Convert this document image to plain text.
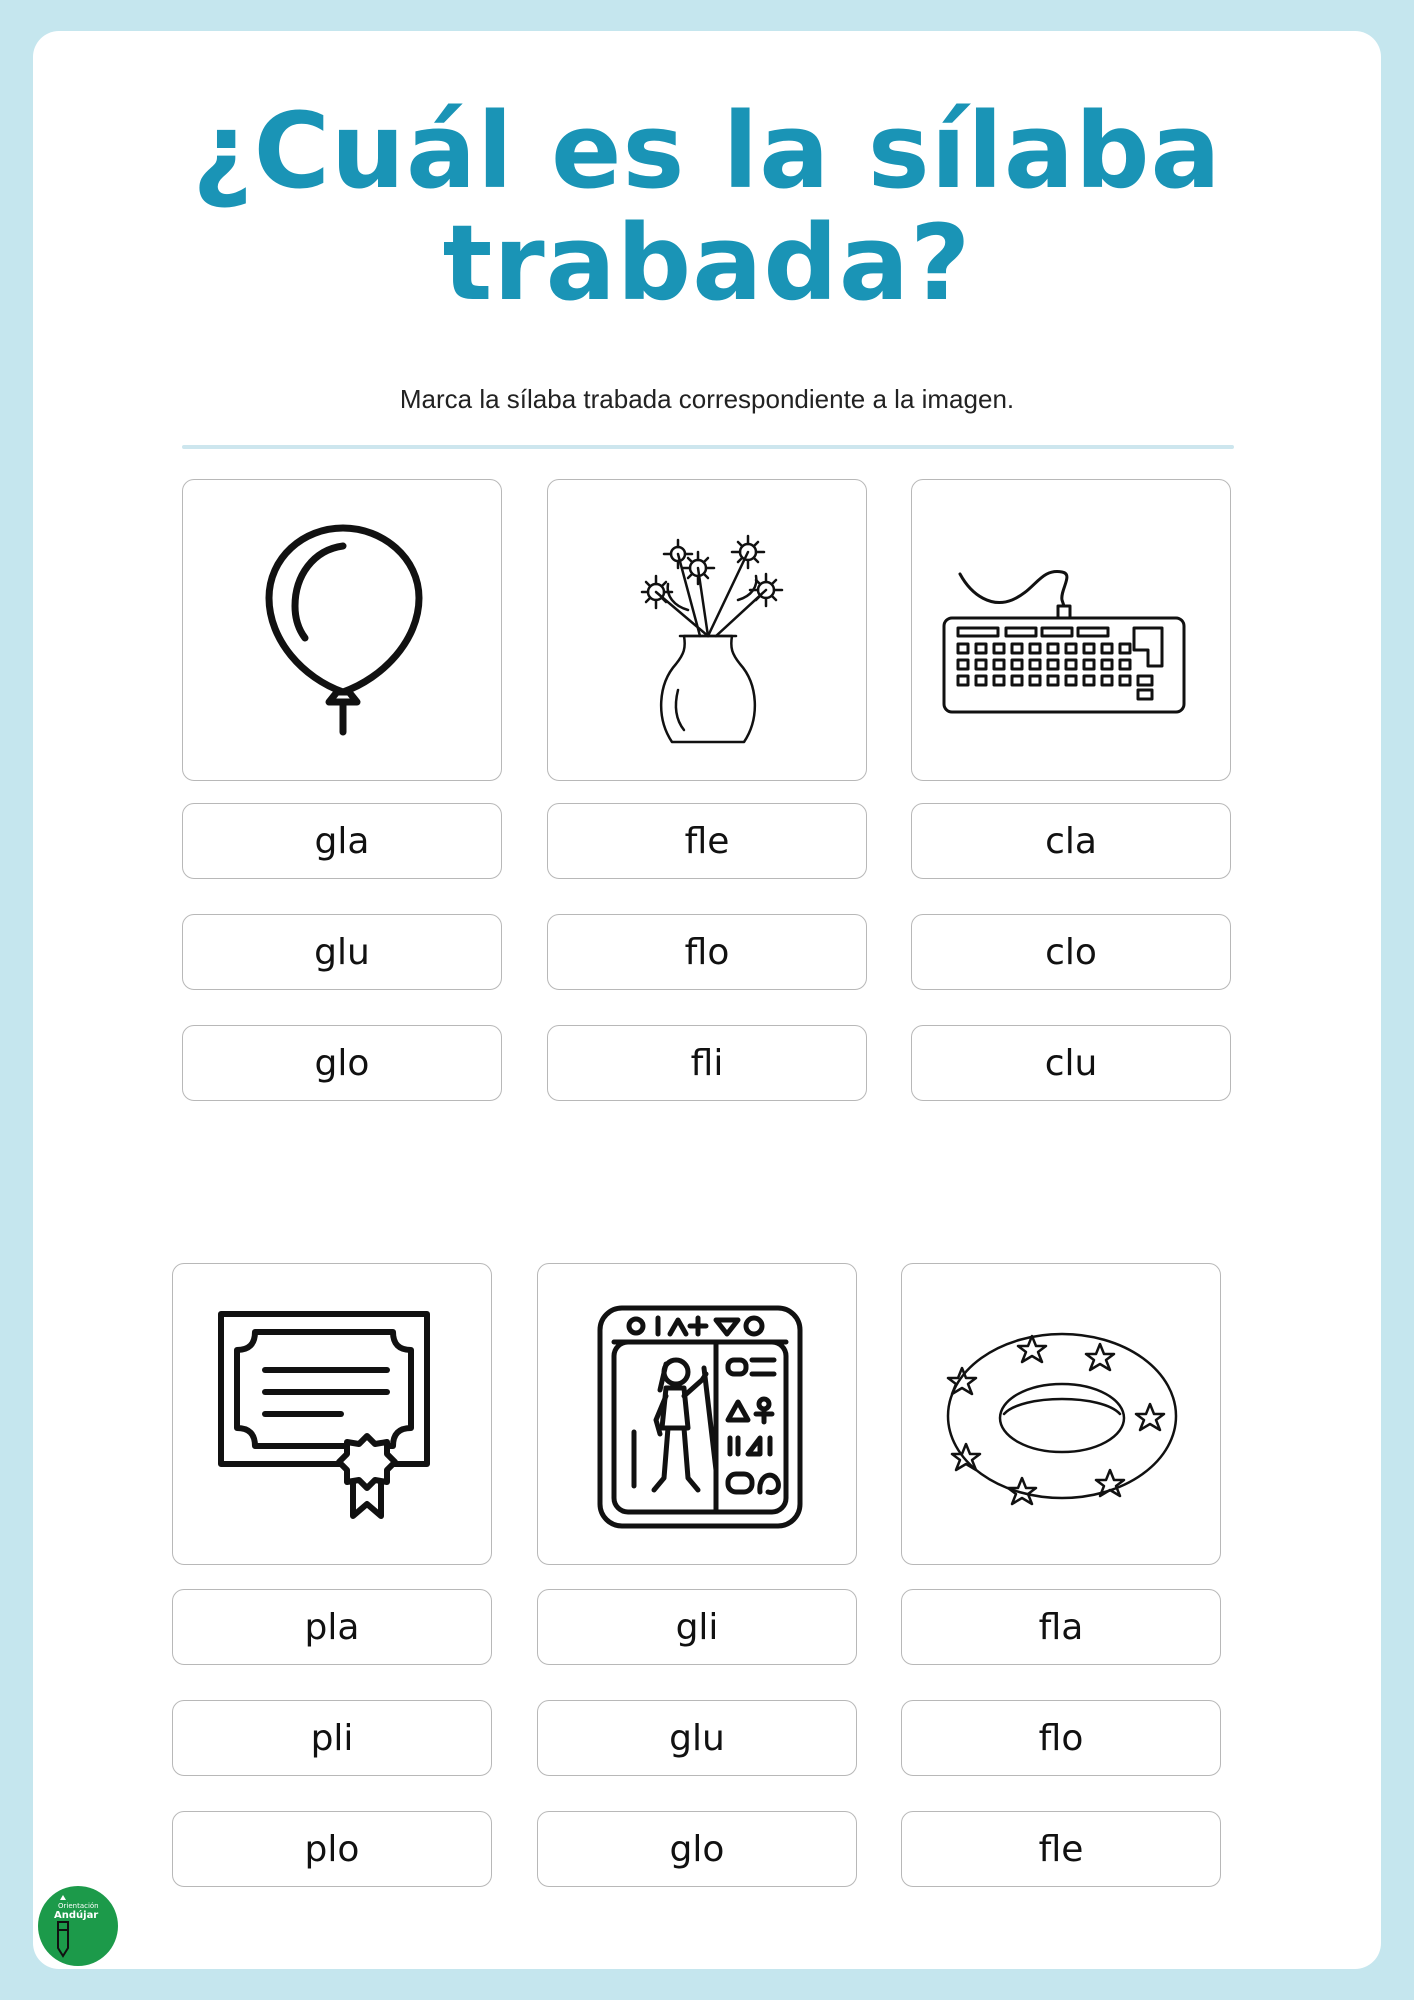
¿Cuál es la sílaba
trabada?
Marca la sílaba trabada correspondiente a la imagen.
gla
glu
glo
fle
flo
fli
cla
clo
clu
pla
pli
plo
gli
glu
glo
fla
flo
fle
Orientación
Andújar
